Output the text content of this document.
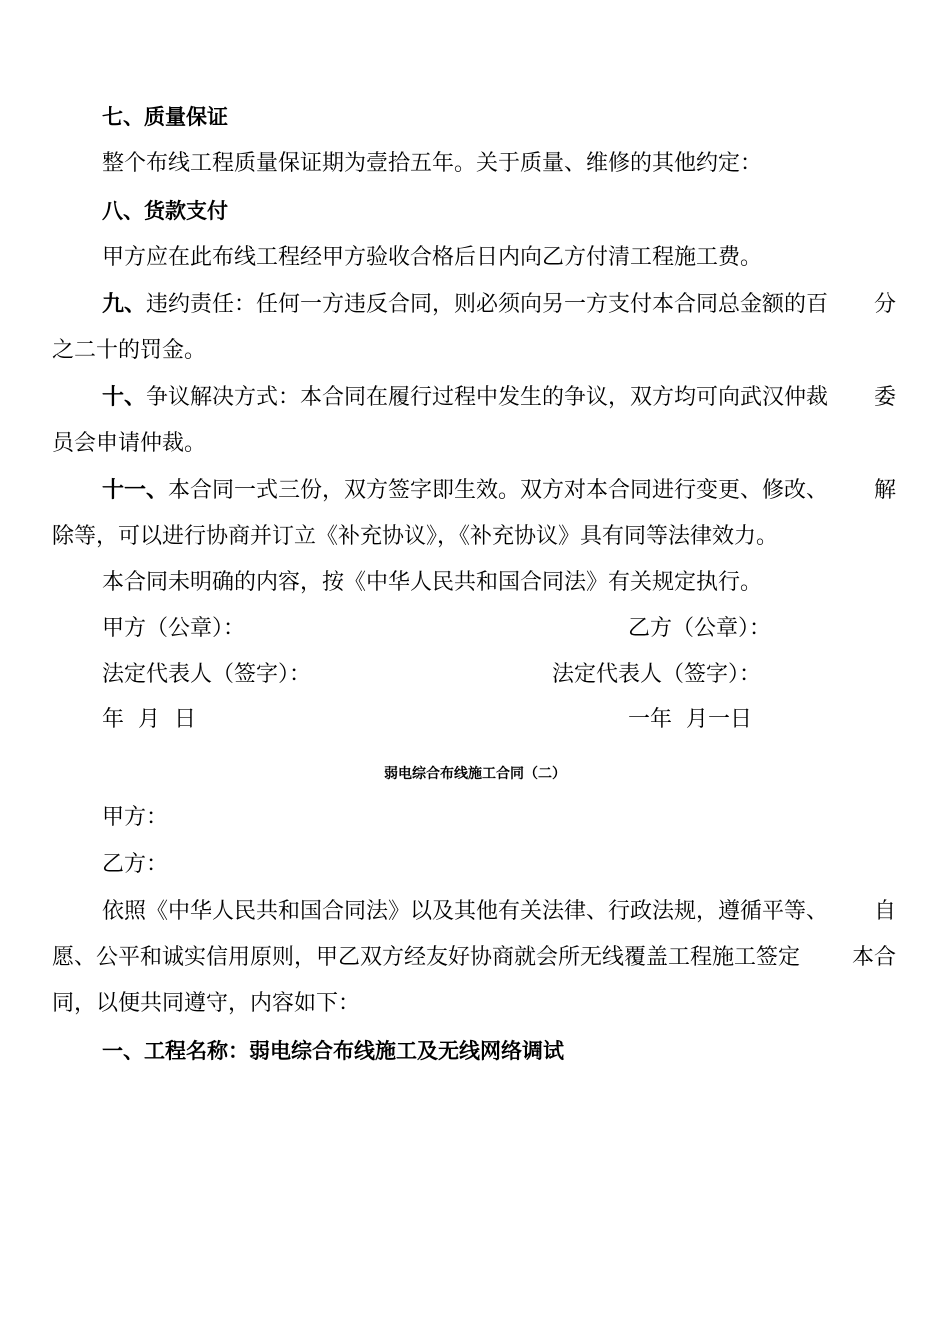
七、质量保证
整个布线工程质量保证期为壹拾五年。关于质量、维修的其他约定：
八、货款支付
甲方应在此布线工程经甲方验收合格后日内向乙方付清工程施工费。
九、违约责任：任何一方违反合同，则必须向另一方支付本合同总金额的百 分
之二十的罚金。
十、争议解决方式：本合同在履行过程中发生的争议，双方均可向武汉仲裁 委
员会申请仲裁。
十一、本合同一式三份，双方签字即生效。双方对本合同进行变更、修改、 解
除等，可以进行协商并订立《补充协议》，《补充协议》具有同等法律效力。
本合同未明确的内容，按《中华人民共和国合同法》有关规定执行。
甲方（公章）：	乙方（公章）：
法定代表人（签字）：	法定代表人（签字）：
年  月  日	一年  月一日
弱电综合布线施工合同（二）
甲方：
乙方：
依照《中华人民共和国合同法》以及其他有关法律、行政法规，遵循平等、 自
愿、公平和诚实信用原则，甲乙双方经友好协商就会所无线覆盖工程施工签定 本合
同，以便共同遵守，内容如下：
一、工程名称：弱电综合布线施工及无线网络调试
